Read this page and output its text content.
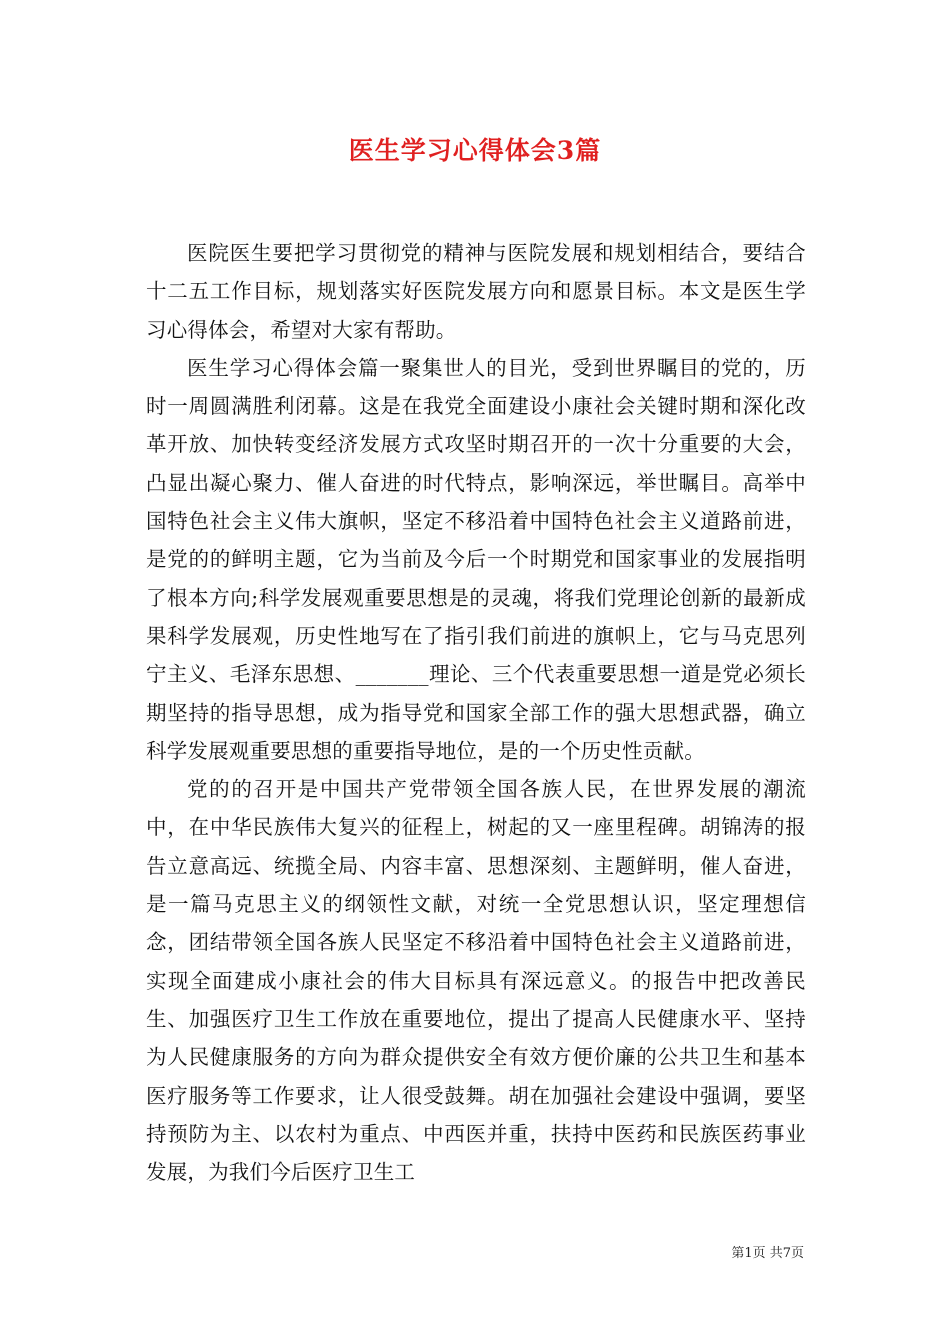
医生学习心得体会3篇

医院医生要把学习贯彻党的精神与医院发展和规划相结合，要结合十二五工作目标，规划落实好医院发展方向和愿景目标。本文是医生学习心得体会，希望对大家有帮助。

医生学习心得体会篇一聚集世人的目光，受到世界瞩目的党的，历时一周圆满胜利闭幕。这是在我党全面建设小康社会关键时期和深化改革开放、加快转变经济发展方式攻坚时期召开的一次十分重要的大会，凸显出凝心聚力、催人奋进的时代特点，影响深远，举世瞩目。高举中国特色社会主义伟大旗帜，坚定不移沿着中国特色社会主义道路前进，是党的的鲜明主题，它为当前及今后一个时期党和国家事业的发展指明了根本方向;科学发展观重要思想是的灵魂，将我们党理论创新的最新成果科学发展观，历史性地写在了指引我们前进的旗帜上，它与马克思列宁主义、毛泽东思想、_______理论、三个代表重要思想一道是党必须长期坚持的指导思想，成为指导党和国家全部工作的强大思想武器，确立科学发展观重要思想的重要指导地位，是的一个历史性贡献。

党的的召开是中国共产党带领全国各族人民，在世界发展的潮流中，在中华民族伟大复兴的征程上，树起的又一座里程碑。胡锦涛的报告立意高远、统揽全局、内容丰富、思想深刻、主题鲜明，催人奋进，是一篇马克思主义的纲领性文献，对统一全党思想认识，坚定理想信念，团结带领全国各族人民坚定不移沿着中国特色社会主义道路前进，实现全面建成小康社会的伟大目标具有深远意义。的报告中把改善民生、加强医疗卫生工作放在重要地位，提出了提高人民健康水平、坚持为人民健康服务的方向为群众提供安全有效方便价廉的公共卫生和基本医疗服务等工作要求，让人很受鼓舞。胡在加强社会建设中强调，要坚持预防为主、以农村为重点、中西医并重，扶持中医药和民族医药事业发展，为我们今后医疗卫生工

第1页 共7页
